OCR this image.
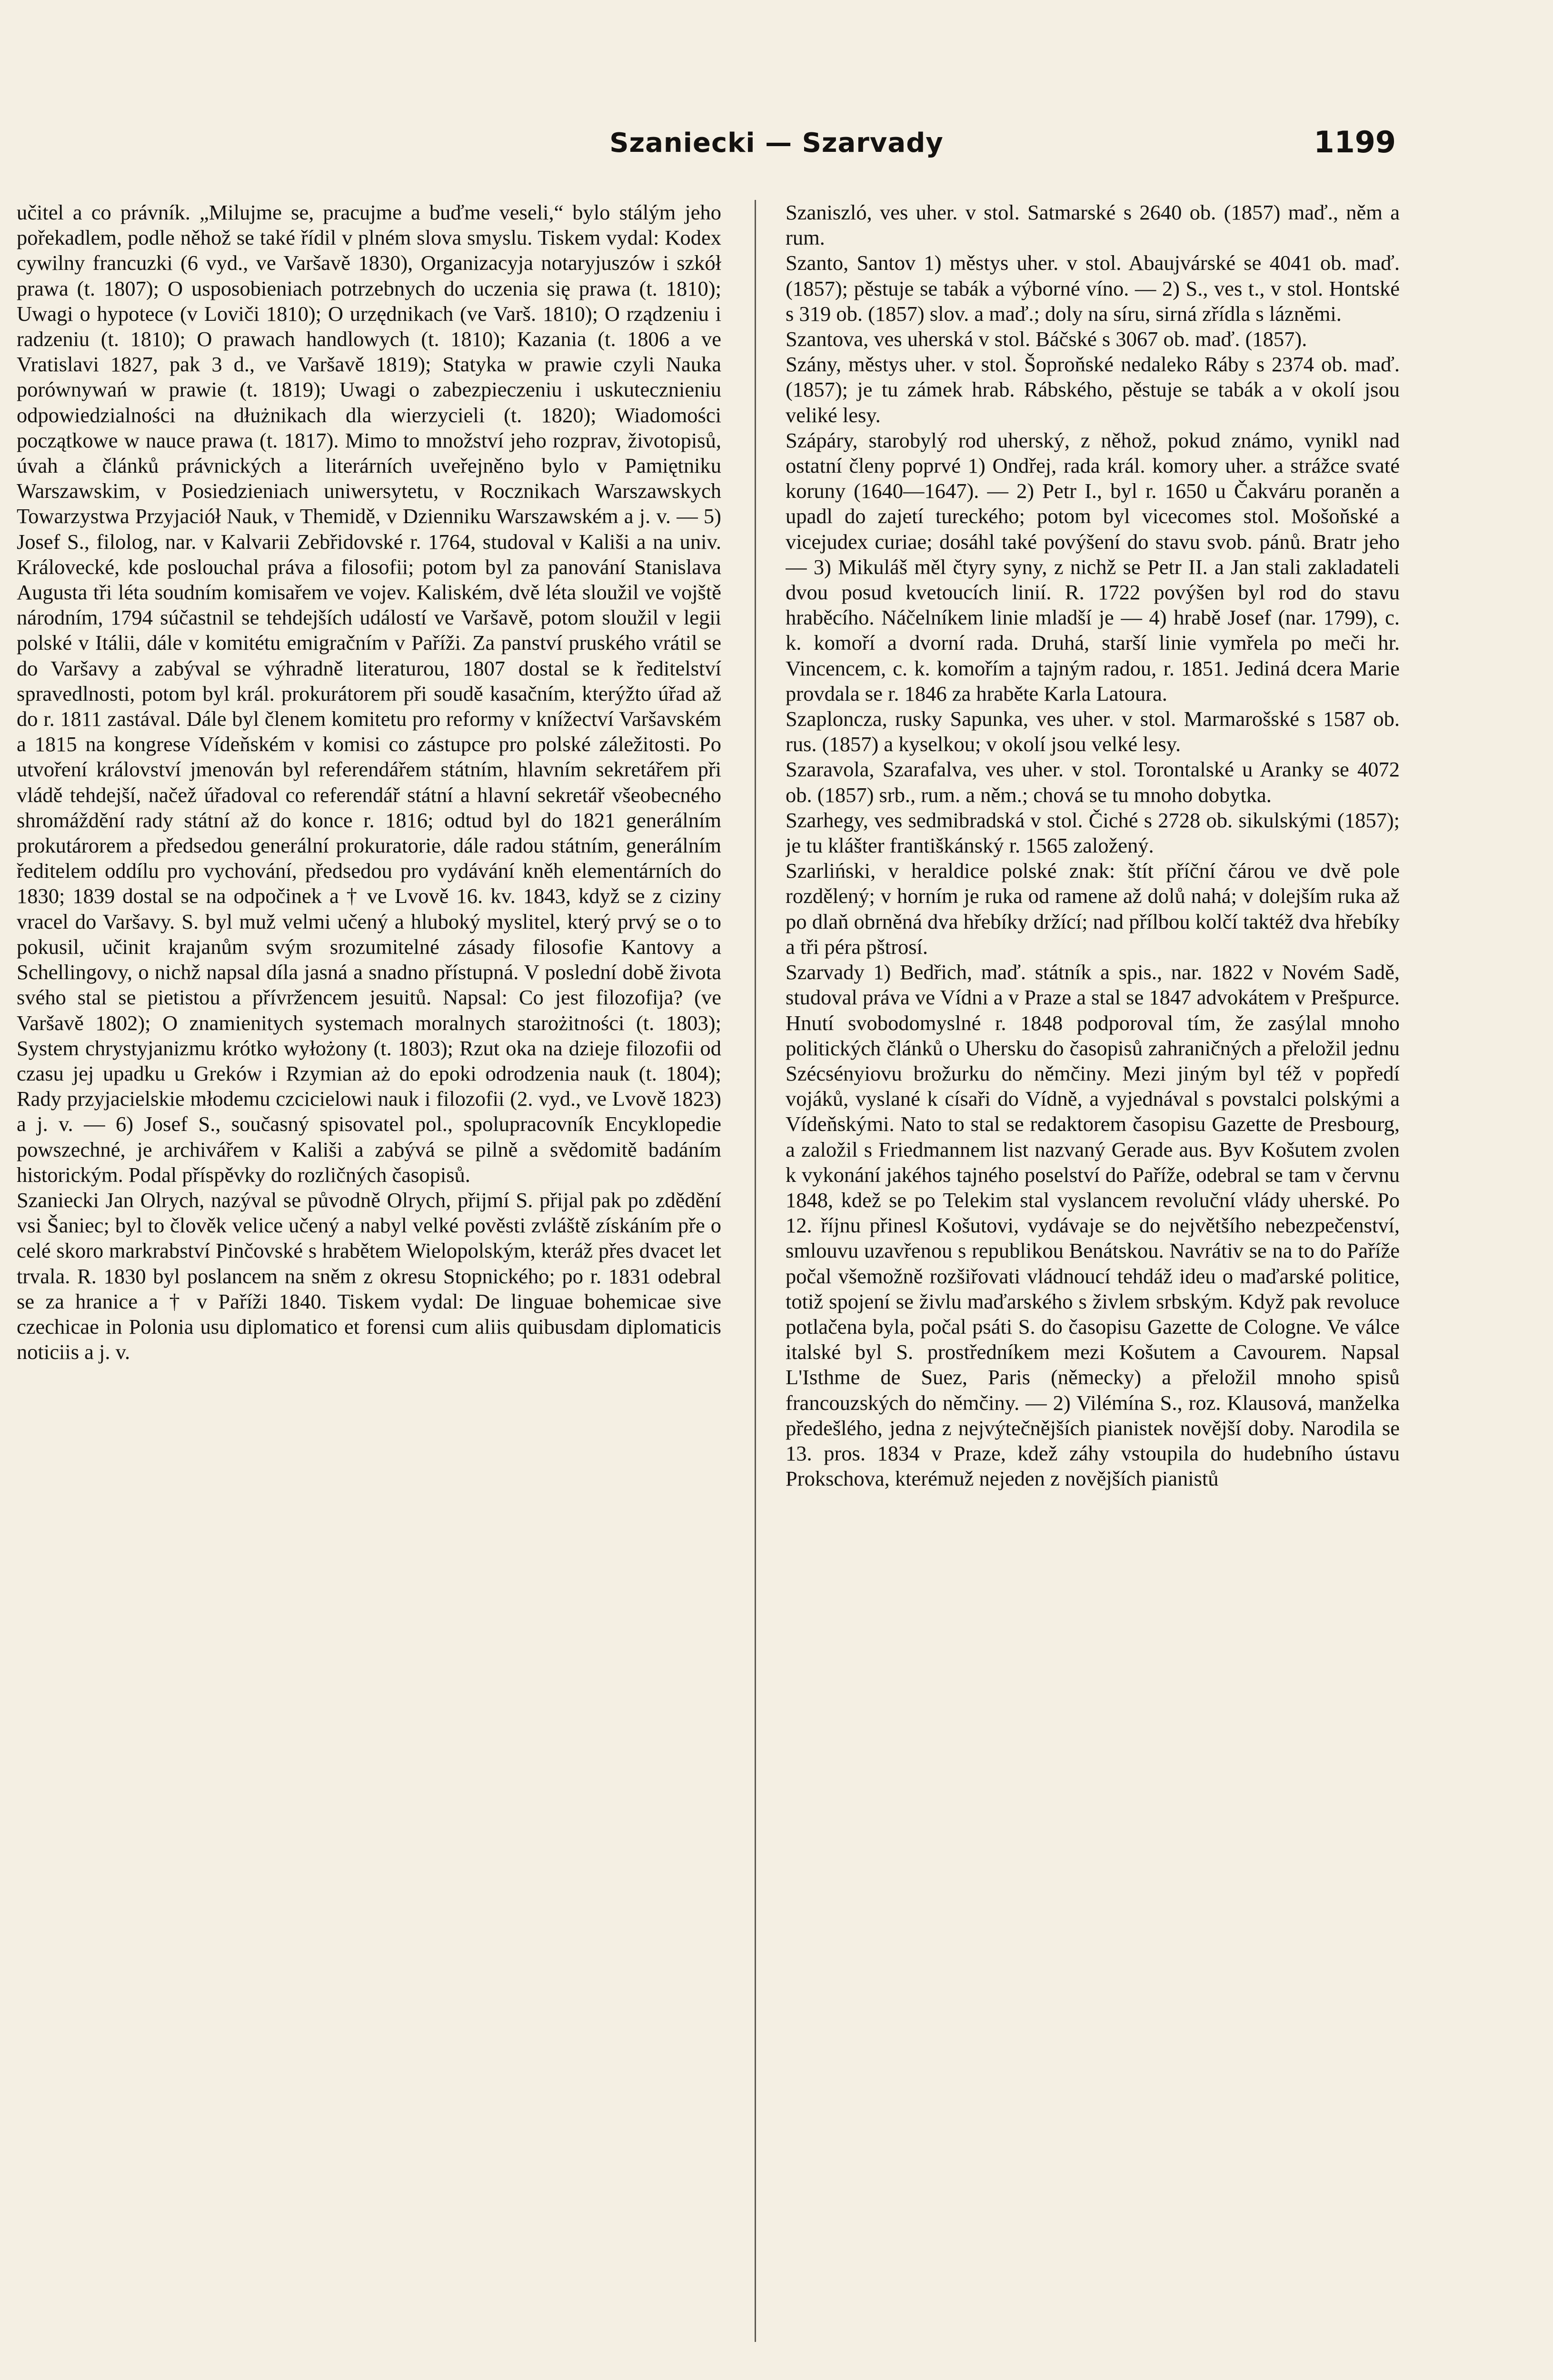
Szaniecki — Szarvady	1199

učitel a co právník. „Milujme se, pracujme a buďme veseli,“ bylo stálým jeho pořekadlem, podle něhož se také řídil v plném slova smyslu. Tiskem vydal: Kodex cywilny francuzki (6 vyd., ve Varšavě 1830), Organizacyja notaryjuszów i szkół prawa (t. 1807); O usposobieniach potrzebnych do uczenia się prawa (t. 1810); Uwagi o hypotece (v Loviči 1810); O urzędnikach (ve Varš. 1810); O rządzeniu i radzeniu (t. 1810); O prawach handlowych (t. 1810); Kazania (t. 1806 a ve Vratislavi 1827, pak 3 d., ve Varšavě 1819); Statyka w prawie czyli Nauka porównywań w prawie (t. 1819); Uwagi o zabezpieczeniu i uskutecznieniu odpowiedzialności na dłużnikach dla wierzycieli (t. 1820); Wiadomości początkowe w nauce prawa (t. 1817). Mimo to množství jeho rozprav, životopisů, úvah a článků právnických a literárních uveřejněno bylo v Pamiętniku Warszawskim, v Posiedzieniach uniwersytetu, v Rocznikach Warszawskych Towarzystwa Przyjaciół Nauk, v Themidě, v Dzienniku Warszawském a j. v. — 5) Josef S., filolog, nar. v Kalvarii Zebřidovské r. 1764, studoval v Kališi a na univ. Královecké, kde poslouchal práva a filosofii; potom byl za panování Stanislava Augusta tři léta soudním komisařem ve vojev. Kaliském, dvě léta sloužil ve vojště národním, 1794 súčastnil se tehdejších událostí ve Varšavě, potom sloužil v legii polské v Itálii, dále v komitétu emigračním v Paříži. Za panství pruského vrátil se do Varšavy a zabýval se výhradně literaturou, 1807 dostal se k ředitelství spravedlnosti, potom byl král. prokurátorem při soudě kasačním, kterýžto úřad až do r. 1811 zastával. Dále byl členem komitetu pro reformy v knížectví Varšavském a 1815 na kongrese Vídeňském v komisi co zástupce pro polské záležitosti. Po utvoření království jmenován byl referendářem státním, hlavním sekretářem při vládě tehdejší, načež úřadoval co referendář státní a hlavní sekretář všeobecného shromáždění rady státní až do konce r. 1816; odtud byl do 1821 generálním prokutárorem a předsedou generální prokuratorie, dále radou státním, generálním ředitelem oddílu pro vychování, předsedou pro vydávání kněh elementárních do 1830; 1839 dostal se na odpočinek a † ve Lvově 16. kv. 1843, když se z ciziny vracel do Varšavy. S. byl muž velmi učený a hluboký myslitel, který prvý se o to pokusil, učinit krajanům svým srozumitelné zásady filosofie Kantovy a Schellingovy, o nichž napsal díla jasná a snadno přístupná. V poslední době života svého stal se pietistou a přívržencem jesuitů. Napsal: Co jest filozofija? (ve Varšavě 1802); O znamienitych systemach moralnych starożitności (t. 1803); System chrystyjanizmu krótko wyłożony (t. 1803); Rzut oka na dzieje filozofii od czasu jej upadku u Greków i Rzymian aż do epoki odrodzenia nauk (t. 1804); Rady przyjacielskie młodemu czcicielowi nauk i filozofii (2. vyd., ve Lvově 1823) a j. v. — 6) Josef S., současný spisovatel pol., spolupracovník Encyklopedie powszechné, je archivářem v Kališi a zabývá se pilně a svědomitě badáním historickým. Podal příspěvky do rozličných časopisů.

Szaniecki Jan Olrych, nazýval se původně Olrych, přijmí S. přijal pak po zdědění vsi Šaniec; byl to člověk velice učený a nabyl velké pověsti zvláště získáním pře o celé skoro markrabství Pinčovské s hrabětem Wielopolským, kteráž přes dvacet let trvala. R. 1830 byl poslancem na sněm z okresu Stopnického; po r. 1831 odebral se za hranice a † v Paříži 1840. Tiskem vydal: De linguae bohemicae sive czechicae in Polonia usu diplomatico et forensi cum aliis quibusdam diplomaticis noticiis a j. v.

Szaniszló, ves uher. v stol. Satmarské s 2640 ob. (1857) maď., něm a rum.

Szanto, Santov 1) městys uher. v stol. Abaujvárské se 4041 ob. maď. (1857); pěstuje se tabák a výborné víno. — 2) S., ves t., v stol. Hontské s 319 ob. (1857) slov. a maď.; doly na síru, sirná zřídla s lázněmi.

Szantova, ves uherská v stol. Báčské s 3067 ob. maď. (1857).

Szány, městys uher. v stol. Šoproňské nedaleko Ráby s 2374 ob. maď. (1857); je tu zámek hrab. Rábského, pěstuje se tabák a v okolí jsou veliké lesy.

Szápáry, starobylý rod uherský, z něhož, pokud známo, vynikl nad ostatní členy poprvé 1) Ondřej, rada král. komory uher. a strážce svaté koruny (1640—1647). — 2) Petr I., byl r. 1650 u Čakváru poraněn a upadl do zajetí tureckého; potom byl vicecomes stol. Mošoňské a vicejudex curiae; dosáhl také povýšení do stavu svob. pánů. Bratr jeho — 3) Mikuláš měl čtyry syny, z nichž se Petr II. a Jan stali zakladateli dvou posud kvetoucích linií. R. 1722 povýšen byl rod do stavu hraběcího. Náčelníkem linie mladší je — 4) hrabě Josef (nar. 1799), c. k. komoří a dvorní rada. Druhá, starší linie vymřela po meči hr. Vincencem, c. k. komořím a tajným radou, r. 1851. Jediná dcera Marie provdala se r. 1846 za hraběte Karla Latoura.

Szaploncza, rusky Sapunka, ves uher. v stol. Marmarošské s 1587 ob. rus. (1857) a kyselkou; v okolí jsou velké lesy.

Szaravola, Szarafalva, ves uher. v stol. Torontalské u Aranky se 4072 ob. (1857) srb., rum. a něm.; chová se tu mnoho dobytka.

Szarhegy, ves sedmibradská v stol. Čiché s 2728 ob. sikulskými (1857); je tu klášter františkánský r. 1565 založený.

Szarliński, v heraldice polské znak: štít příční čárou ve dvě pole rozdělený; v horním je ruka od ramene až dolů nahá; v dolejším ruka až po dlaň obrněná dva hřebíky držící; nad přílbou kolčí taktéž dva hřebíky a tři péra pštrosí.

Szarvady 1) Bedřich, maď. státník a spis., nar. 1822 v Novém Sadě, studoval práva ve Vídni a v Praze a stal se 1847 advokátem v Prešpurce. Hnutí svobodomyslné r. 1848 podporoval tím, že zasýlal mnoho politických článků o Uhersku do časopisů zahraničných a přeložil jednu Szécsényiovu brožurku do němčiny. Mezi jiným byl též v popředí vojáků, vyslané k císaři do Vídně, a vyjednával s povstalci polskými a Vídeňskými. Nato to stal se redaktorem časopisu Gazette de Presbourg, a založil s Friedmannem list nazvaný Gerade aus. Byv Košutem zvolen k vykonání jakéhos tajného poselství do Paříže, odebral se tam v červnu 1848, kdež se po Telekim stal vyslancem revoluční vlády uherské. Po 12. říjnu přinesl Košutovi, vydávaje se do největšího nebezpečenství, smlouvu uzavřenou s republikou Benátskou. Navrátiv se na to do Paříže počal všemožně rozšiřovati vládnoucí tehdáž ideu o maďarské politice, totiž spojení se živlu maďarského s živlem srbským. Když pak revoluce potlačena byla, počal psáti S. do časopisu Gazette de Cologne. Ve válce italské byl S. prostředníkem mezi Košutem a Cavourem. Napsal L'Isthme de Suez, Paris (německy) a přeložil mnoho spisů francouzských do němčiny. — 2) Vilémína S., roz. Klausová, manželka předešlého, jedna z nejvýtečnějších pianistek novější doby. Narodila se 13. pros. 1834 v Praze, kdež záhy vstoupila do hudebního ústavu Prokschova, kterémuž nejeden z novějších pianistů
